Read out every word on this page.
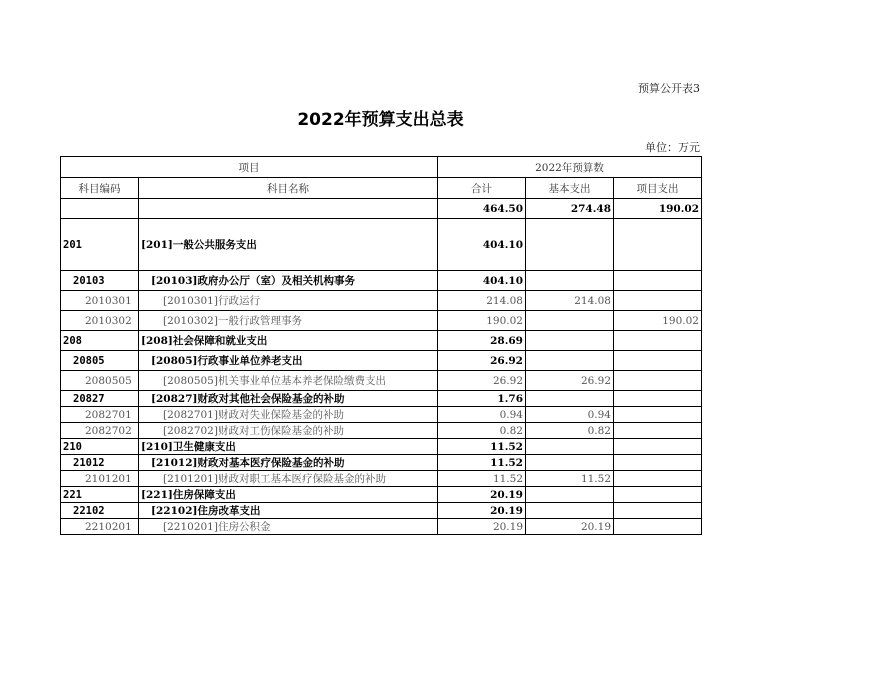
预算公开表3
2022年预算支出总表
单位：万元
项目		2022年预算数		
科目编码	科目名称	合计	基本支出	项目支出
		464.50	274.48	190.02
201	[201]一般公共服务支出	404.10		
20103	[20103]政府办公厅（室）及相关机构事务	404.10		
2010301	[2010301]行政运行	214.08	214.08	
2010302	[2010302]一般行政管理事务	190.02		190.02
208	[208]社会保障和就业支出	28.69		
20805	[20805]行政事业单位养老支出	26.92		
2080505	[2080505]机关事业单位基本养老保险缴费支出	26.92	26.92	
20827	[20827]财政对其他社会保险基金的补助	1.76		
2082701	[2082701]财政对失业保险基金的补助	0.94	0.94	
2082702	[2082702]财政对工伤保险基金的补助	0.82	0.82	
210	[210]卫生健康支出	11.52		
21012	[21012]财政对基本医疗保险基金的补助	11.52		
2101201	[2101201]财政对职工基本医疗保险基金的补助	11.52	11.52	
221	[221]住房保障支出	20.19		
22102	[22102]住房改革支出	20.19		
2210201	[2210201]住房公积金	20.19	20.19	
